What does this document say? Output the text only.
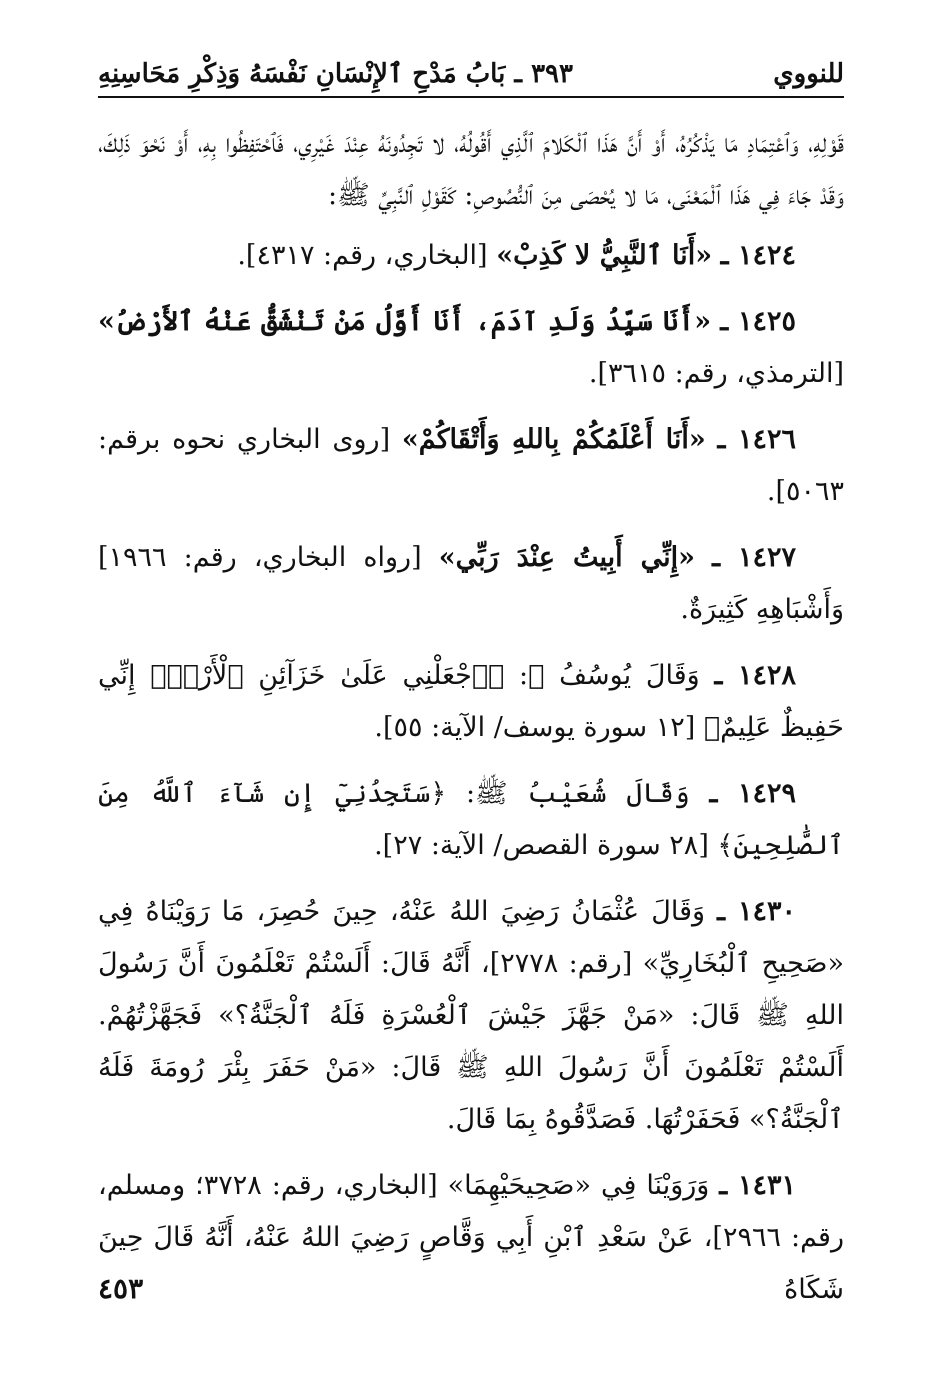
للنووي
٣٩٣ ـ بَابُ مَدْحِ ٱلإِنْسَانِ نَفْسَهُ وَذِكْرِ مَحَاسِنِهِ

قَوْلِهِ، وَٱعْتِمَادِ مَا يَذْكُرُهُ، أَوْ أَنَّ هَذَا ٱلْكَلامَ ٱلَّذِي أَقُولُهُ، لا تَجِدُونَهُ عِنْدَ غَيْرِي، فَٱحْتَفِظُوا بِهِ، أَوْ نَحْوَ ذَلِكَ، وَقَدْ جَاءَ فِي هَذَا ٱلْمَعْنَى، مَا لا يُحْصَى مِنَ ٱلنُّصُوصِ: كَقَوْلِ ٱلنَّبِيِّ ﷺ:

١٤٢٤ ـ «أَنَا ٱلنَّبِيُّ لا كَذِبْ» [البخاري، رقم: ٤٣١٧].

١٤٢٥ ـ «أَنَا سَيِّدُ وَلَدِ آدَمَ، أَنَا أَوَّلُ مَنْ تَنْشَقُّ عَنْهُ ٱلأَرْضُ» [الترمذي، رقم: ٣٦١٥].

١٤٢٦ ـ «أَنَا أَعْلَمُكُمْ بِاللهِ وَأَتْقَاكُمْ» [روى البخاري نحوه برقم: ٥٠٦٣].

١٤٢٧ ـ «إِنِّي أَبِيتُ عِنْدَ رَبِّي» [رواه البخاري، رقم: ١٩٦٦] وَأَشْبَاهِهِ كَثِيرَةٌ.

١٤٢٨ ـ وَقَالَ يُوسُفُ ﷺ: ﴿ٱجْعَلْنِي عَلَىٰ خَزَآئِنِ ٱلْأَرْضِۖ إِنِّي حَفِيظٌ عَلِيمٌ﴾ [١٢ سورة يوسف/ الآية: ٥٥].

١٤٢٩ ـ وَقَالَ شُعَيْبُ ﷺ: ﴿سَتَجِدُنِيٓ إِن شَآءَ ٱللَّهُ مِنَ ٱلصَّٰلِحِينَ﴾ [٢٨ سورة القصص/ الآية: ٢٧].

١٤٣٠ ـ وَقَالَ عُثْمَانُ رَضِيَ اللهُ عَنْهُ، حِينَ حُصِرَ، مَا رَوَيْنَاهُ فِي «صَحِيحِ ٱلْبُخَارِيِّ» [رقم: ٢٧٧٨]، أَنَّهُ قَالَ: أَلَسْتُمْ تَعْلَمُونَ أَنَّ رَسُولَ اللهِ ﷺ قَالَ: «مَنْ جَهَّزَ جَيْشَ ٱلْعُسْرَةِ فَلَهُ ٱلْجَنَّةُ؟» فَجَهَّزْتُهُمْ. أَلَسْتُمْ تَعْلَمُونَ أَنَّ رَسُولَ اللهِ ﷺ قَالَ: «مَنْ حَفَرَ بِئْرَ رُومَةَ فَلَهُ ٱلْجَنَّةُ؟» فَحَفَرْتُهَا. فَصَدَّقُوهُ بِمَا قَالَ.

١٤٣١ ـ وَرَوَيْنَا فِي «صَحِيحَيْهِمَا» [البخاري، رقم: ٣٧٢٨؛ ومسلم، رقم: ٢٩٦٦]، عَنْ سَعْدِ ٱبْنِ أَبِي وَقَّاصٍ رَضِيَ اللهُ عَنْهُ، أَنَّهُ قَالَ حِينَ شَكَاهُ

٤٥٣
